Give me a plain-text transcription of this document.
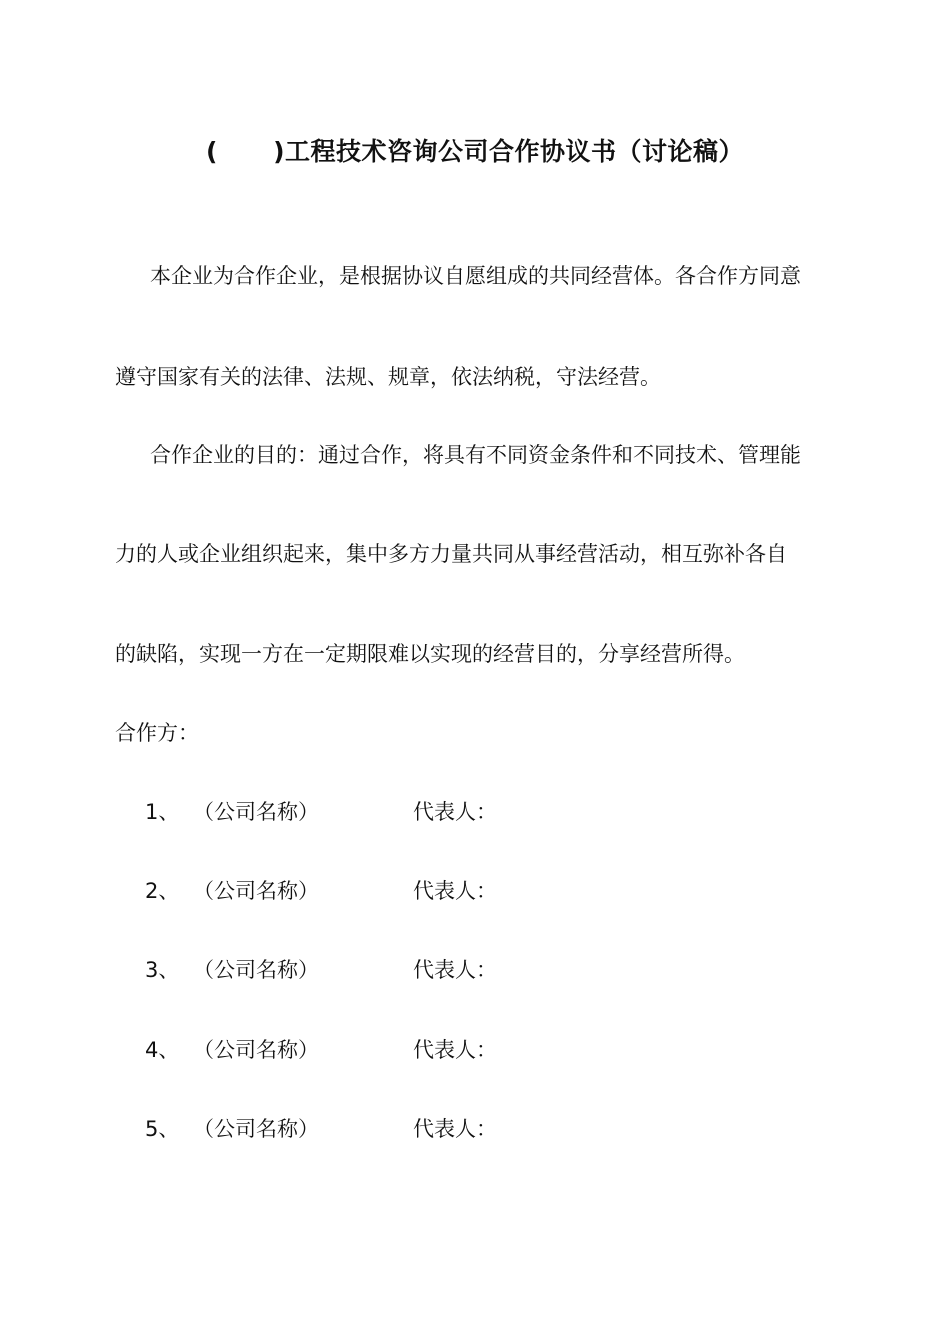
(      )工程技术咨询公司合作协议书（讨论稿）
本企业为合作企业，是根据协议自愿组成的共同经营体。各合作方同意
遵守国家有关的法律、法规、规章，依法纳税，守法经营。
合作企业的目的：通过合作，将具有不同资金条件和不同技术、管理能
力的人或企业组织起来，集中多方力量共同从事经营活动，相互弥补各自
的缺陷，实现一方在一定期限难以实现的经营目的，分享经营所得。
合作方：
1、 （公司名称）	代表人：
2、 （公司名称）	代表人：
3、 （公司名称）	代表人：
4、 （公司名称）	代表人：
5、 （公司名称）	代表人：
